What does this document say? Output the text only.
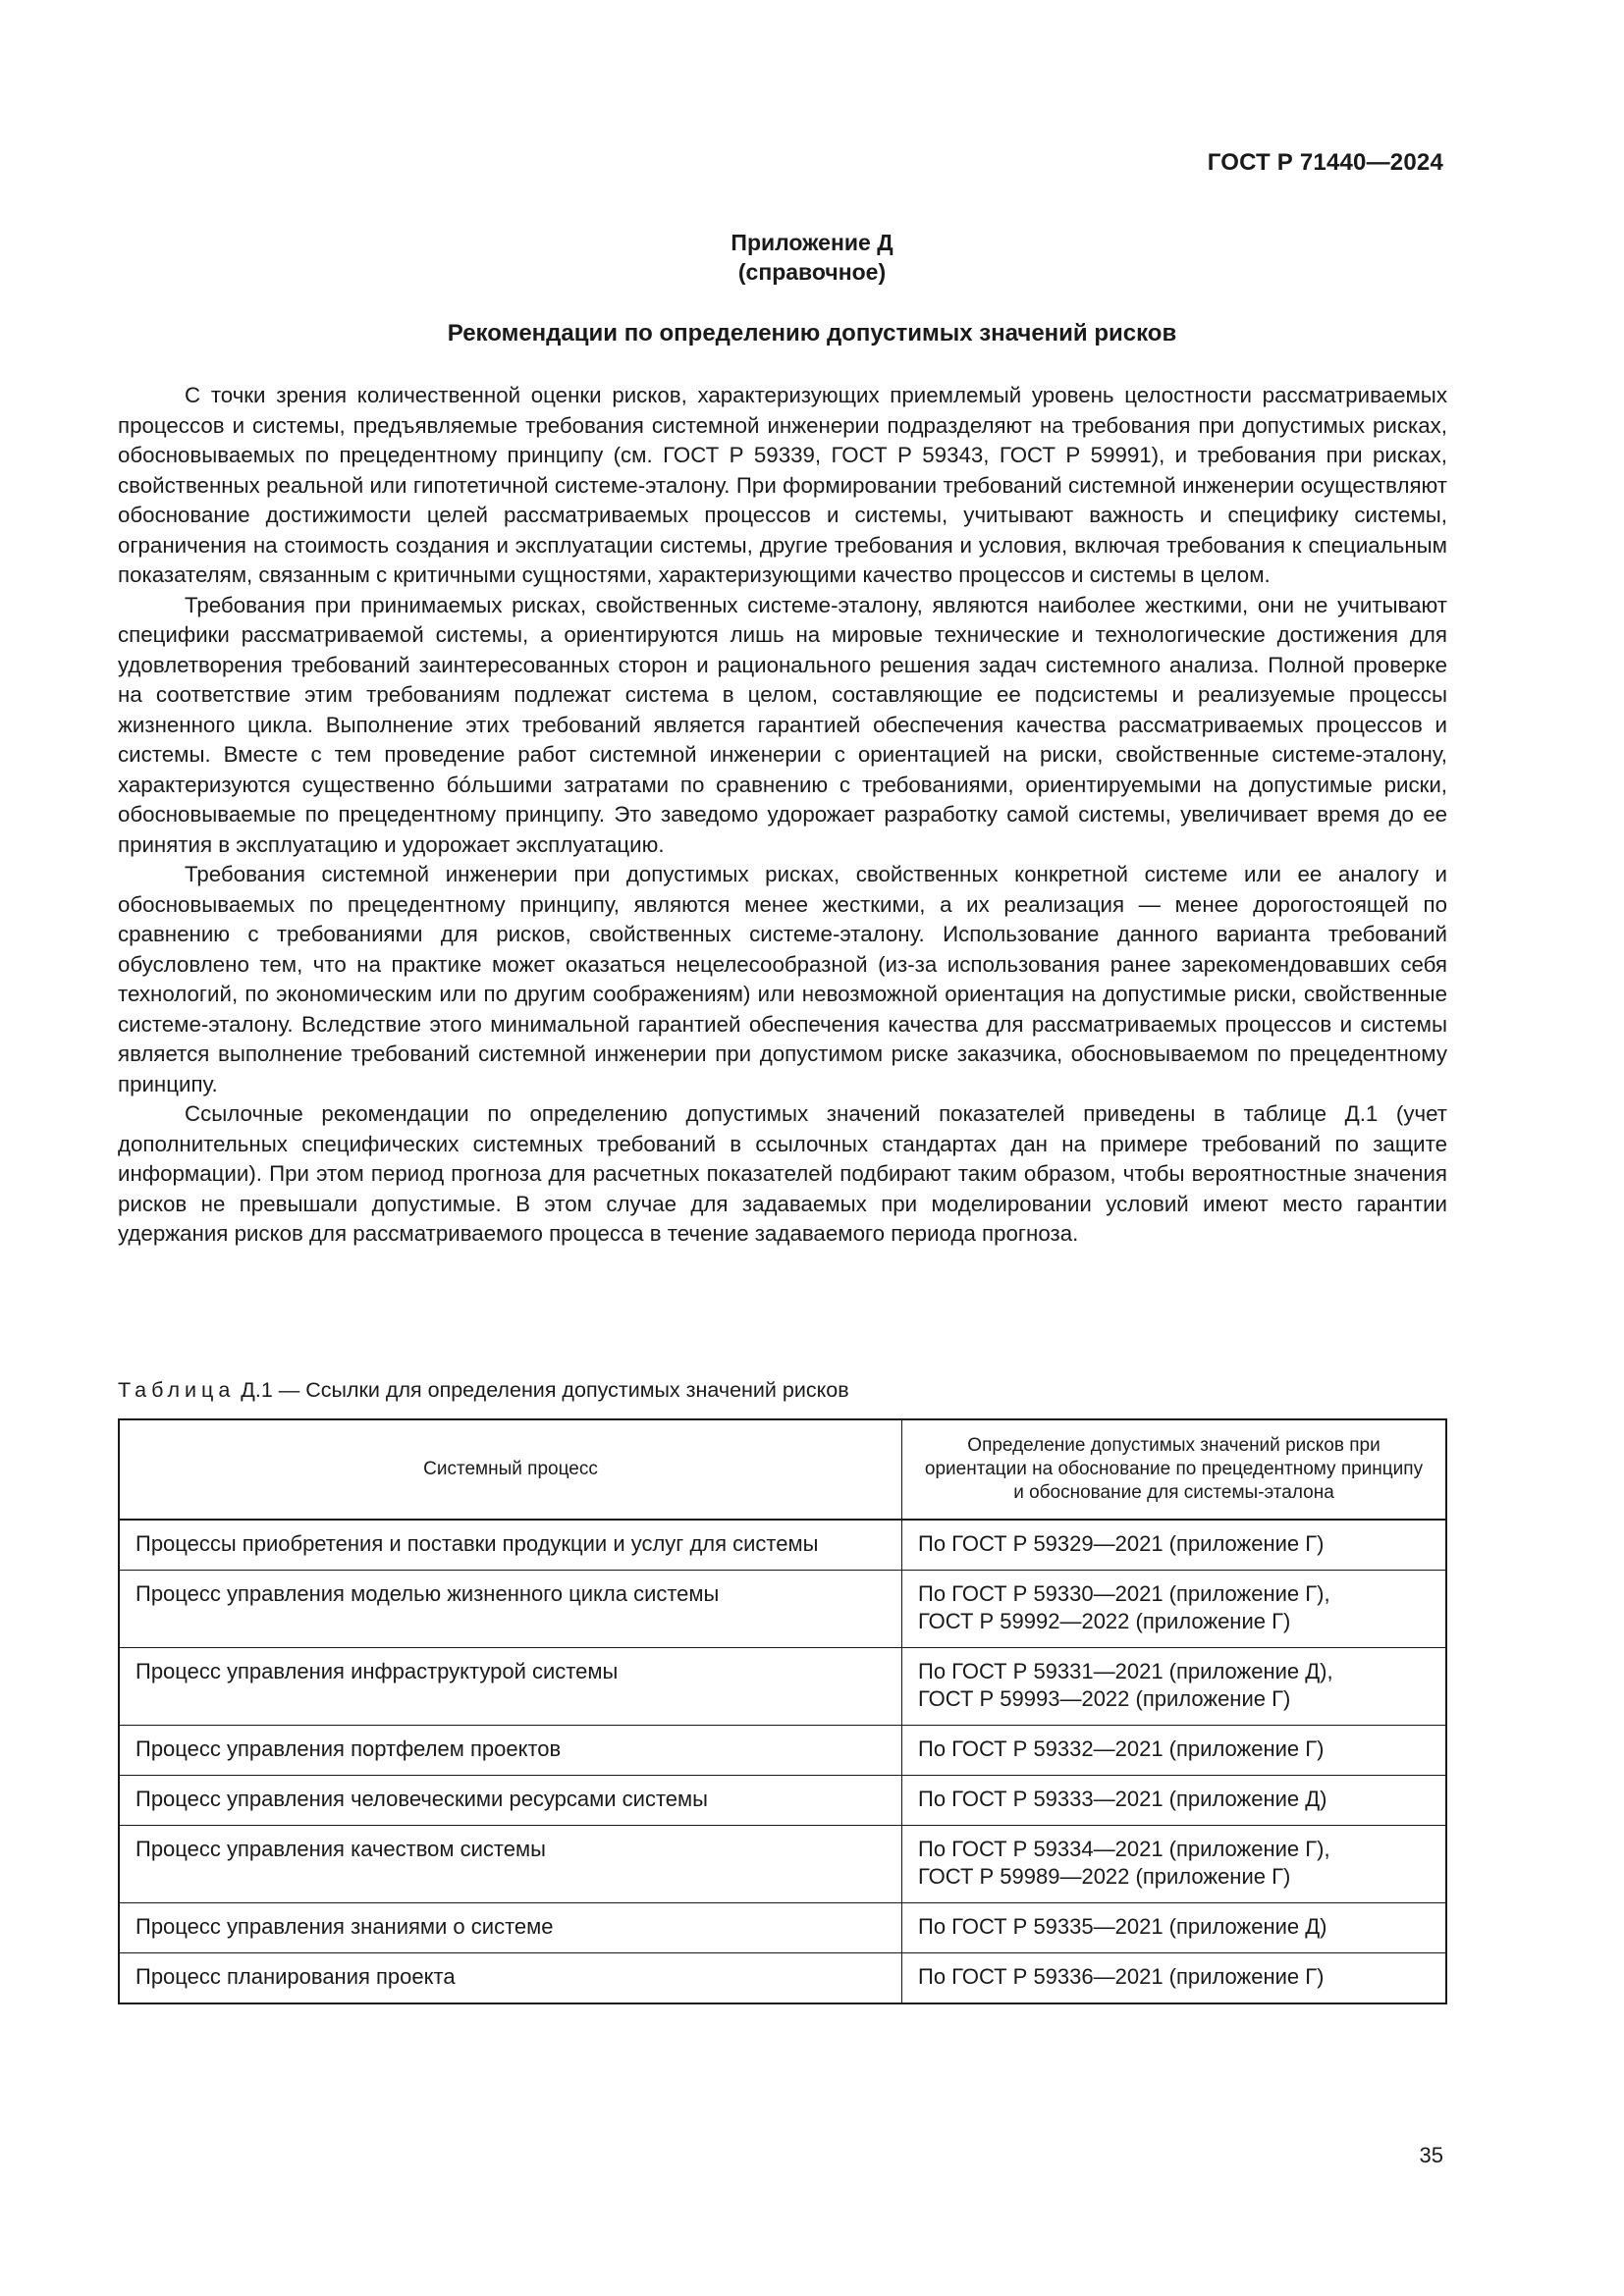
ГОСТ Р 71440—2024
Приложение Д
(справочное)
Рекомендации по определению допустимых значений рисков

С точки зрения количественной оценки рисков, характеризующих приемлемый уровень целостности рассматриваемых процессов и системы, предъявляемые требования системной инженерии подразделяют на требования при допустимых рисках, обосновываемых по прецедентному принципу (см. ГОСТ Р 59339, ГОСТ Р 59343, ГОСТ Р 59991), и требования при рисках, свойственных реальной или гипотетичной системе-эталону. При формировании требований системной инженерии осуществляют обоснование достижимости целей рассматриваемых процессов и системы, учитывают важность и специфику системы, ограничения на стоимость создания и эксплуатации системы, другие требования и условия, включая требования к специальным показателям, связанным с критичными сущностями, характеризующими качество процессов и системы в целом.

Требования при принимаемых рисках, свойственных системе-эталону, являются наиболее жесткими, они не учитывают специфики рассматриваемой системы, а ориентируются лишь на мировые технические и технологические достижения для удовлетворения требований заинтересованных сторон и рационального решения задач системного анализа. Полной проверке на соответствие этим требованиям подлежат система в целом, составляющие ее подсистемы и реализуемые процессы жизненного цикла. Выполнение этих требований является гарантией обеспечения качества рассматриваемых процессов и системы. Вместе с тем проведение работ системной инженерии с ориентацией на риски, свойственные системе-эталону, характеризуются существенно бóльшими затратами по сравнению с требованиями, ориентируемыми на допустимые риски, обосновываемые по прецедентному принципу. Это заведомо удорожает разработку самой системы, увеличивает время до ее принятия в эксплуатацию и удорожает эксплуатацию.

Требования системной инженерии при допустимых рисках, свойственных конкретной системе или ее аналогу и обосновываемых по прецедентному принципу, являются менее жесткими, а их реализация — менее дорогостоящей по сравнению с требованиями для рисков, свойственных системе-эталону. Использование данного варианта требований обусловлено тем, что на практике может оказаться нецелесообразной (из-за использования ранее зарекомендовавших себя технологий, по экономическим или по другим соображениям) или невозможной ориентация на допустимые риски, свойственные системе-эталону. Вследствие этого минимальной гарантией обеспечения качества для рассматриваемых процессов и системы является выполнение требований системной инженерии при допустимом риске заказчика, обосновываемом по прецедентному принципу.

Ссылочные рекомендации по определению допустимых значений показателей приведены в таблице Д.1 (учет дополнительных специфических системных требований в ссылочных стандартах дан на примере требований по защите информации). При этом период прогноза для расчетных показателей подбирают таким образом, чтобы вероятностные значения рисков не превышали допустимые. В этом случае для задаваемых при моделировании условий имеют место гарантии удержания рисков для рассматриваемого процесса в течение задаваемого периода прогноза.

Таблица Д.1 — Ссылки для определения допустимых значений рисков
Системный процесс	Определение допустимых значений рисков при ориентации на обоснование по прецедентному принципу и обоснование для системы-эталона
Процессы приобретения и поставки продукции и услуг для системы	По ГОСТ Р 59329—2021 (приложение Г)

Процесс управления моделью жизненного цикла системы	По ГОСТ Р 59330—2021 (приложение Г),
ГОСТ Р 59992—2022 (приложение Г)

Процесс управления инфраструктурой системы	По ГОСТ Р 59331—2021 (приложение Д),
ГОСТ Р 59993—2022 (приложение Г)

Процесс управления портфелем проектов	По ГОСТ Р 59332—2021 (приложение Г)

Процесс управления человеческими ресурсами системы	По ГОСТ Р 59333—2021 (приложение Д)

Процесс управления качеством системы	По ГОСТ Р 59334—2021 (приложение Г),
ГОСТ Р 59989—2022 (приложение Г)

Процесс управления знаниями о системе	По ГОСТ Р 59335—2021 (приложение Д)

Процесс планирования проекта	По ГОСТ Р 59336—2021 (приложение Г)
35
